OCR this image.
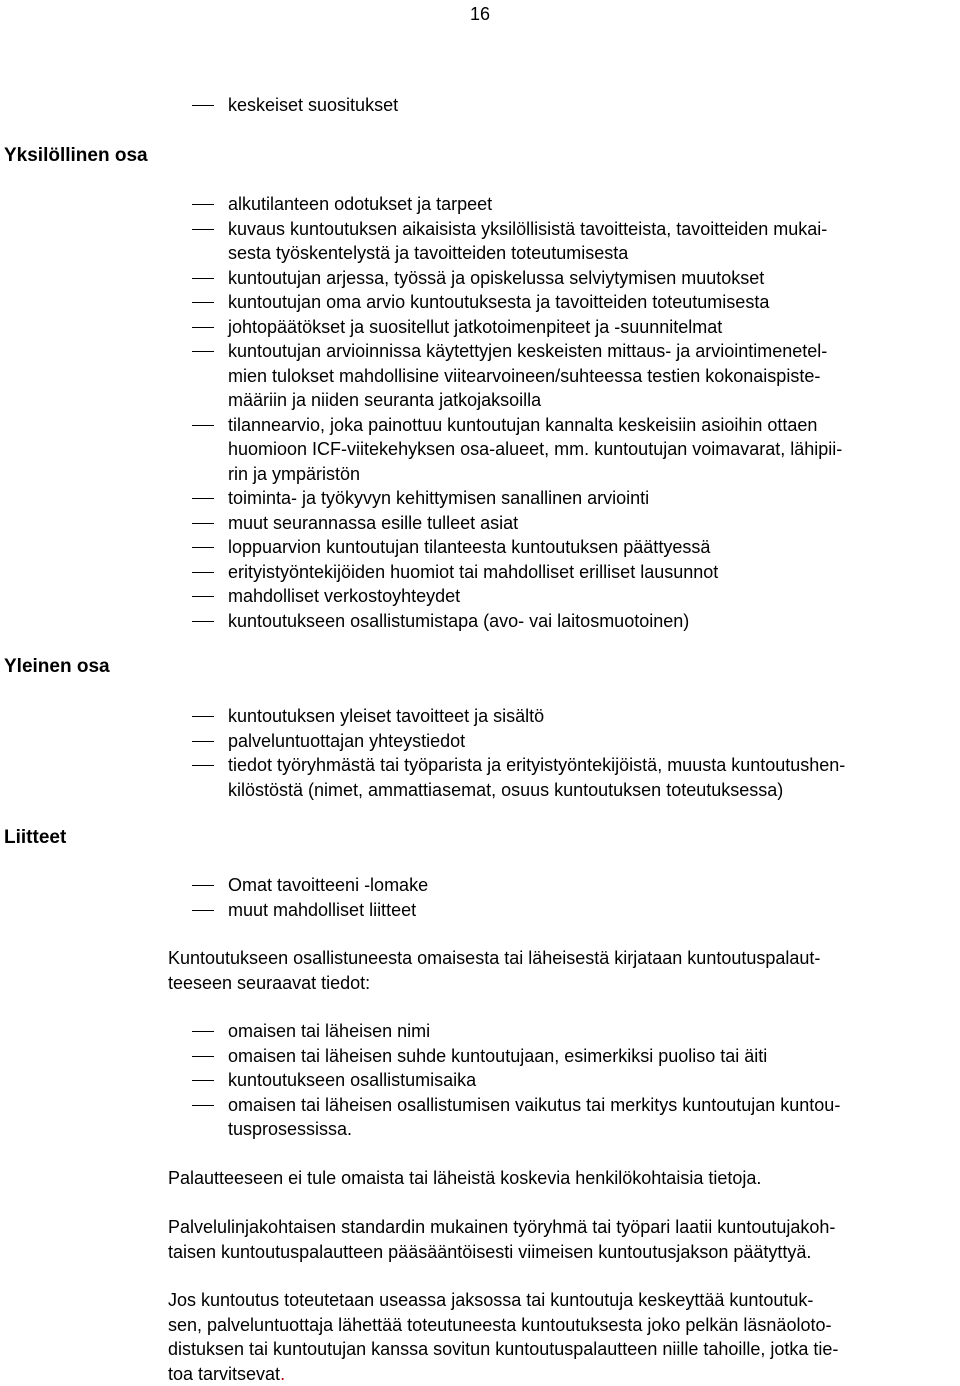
16
keskeiset suositukset
Yksilöllinen osa
alkutilanteen odotukset ja tarpeet
kuvaus kuntoutuksen aikaisista yksilöllisistä tavoitteista, tavoitteiden mukai-
sesta työskentelystä ja tavoitteiden toteutumisesta
kuntoutujan arjessa, työssä ja opiskelussa selviytymisen muutokset
kuntoutujan oma arvio kuntoutuksesta ja tavoitteiden toteutumisesta
johtopäätökset ja suositellut jatkotoimenpiteet ja -suunnitelmat
kuntoutujan arvioinnissa käytettyjen keskeisten mittaus- ja arviointimenetel-
mien tulokset mahdollisine viitearvoineen/suhteessa testien kokonaispiste-
määriin ja niiden seuranta jatkojaksoilla
tilannearvio, joka painottuu kuntoutujan kannalta keskeisiin asioihin ottaen
huomioon ICF-viitekehyksen osa-alueet, mm. kuntoutujan voimavarat, lähipii-
rin ja ympäristön
toiminta- ja työkyvyn kehittymisen sanallinen arviointi
muut seurannassa esille tulleet asiat
loppuarvion kuntoutujan tilanteesta kuntoutuksen päättyessä
erityistyöntekijöiden huomiot tai mahdolliset erilliset lausunnot
mahdolliset verkostoyhteydet
kuntoutukseen osallistumistapa (avo- vai laitosmuotoinen)
Yleinen osa
kuntoutuksen yleiset tavoitteet ja sisältö
palveluntuottajan yhteystiedot
tiedot työryhmästä tai työparista ja erityistyöntekijöistä, muusta kuntoutushen-
kilöstöstä (nimet, ammattiasemat, osuus kuntoutuksen toteutuksessa)
Liitteet
Omat tavoitteeni -lomake
muut mahdolliset liitteet

Kuntoutukseen osallistuneesta omaisesta tai läheisestä kirjataan kuntoutuspalaut-
teeseen seuraavat tiedot:

omaisen tai läheisen nimi
omaisen tai läheisen suhde kuntoutujaan, esimerkiksi puoliso tai äiti
kuntoutukseen osallistumisaika
omaisen tai läheisen osallistumisen vaikutus tai merkitys kuntoutujan kuntou-
tusprosessissa.

Palautteeseen ei tule omaista tai läheistä koskevia henkilökohtaisia tietoja.

Palvelulinjakohtaisen standardin mukainen työryhmä tai työpari laatii kuntoutujakoh-
taisen kuntoutuspalautteen pääsääntöisesti viimeisen kuntoutusjakson päätyttyä.

Jos kuntoutus toteutetaan useassa jaksossa tai kuntoutuja keskeyttää kuntoutuk-
sen, palveluntuottaja lähettää toteutuneesta kuntoutuksesta joko pelkän läsnäoloto-
distuksen tai kuntoutujan kanssa sovitun kuntoutuspalautteen niille tahoille, jotka tie-
toa tarvitsevat.
